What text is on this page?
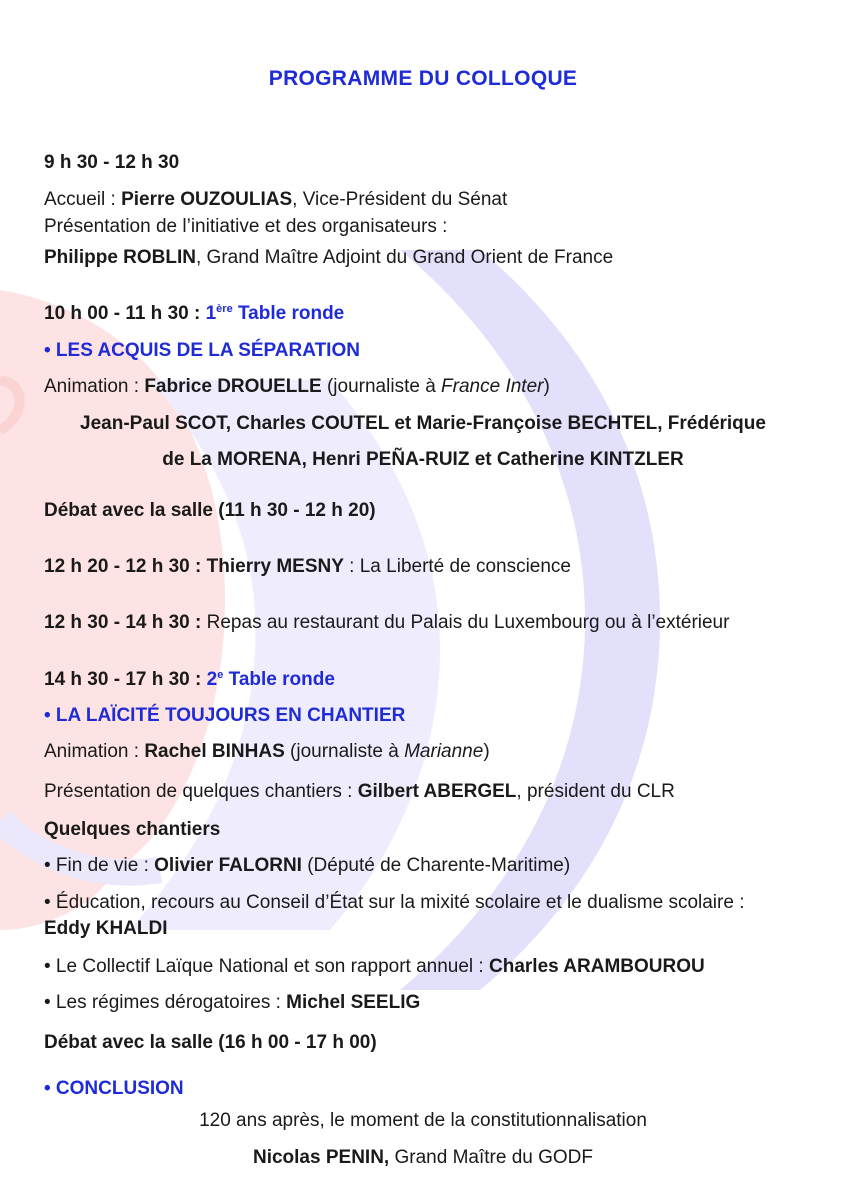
PROGRAMME DU COLLOQUE
9 h 30 - 12 h 30
Accueil : Pierre OUZOULIAS, Vice-Président du Sénat
Présentation de l’initiative et des organisateurs :
Philippe ROBLIN, Grand Maître Adjoint du Grand Orient de France
10 h 00 - 11 h 30 : 1ère Table ronde
• LES ACQUIS DE LA SÉPARATION
Animation : Fabrice DROUELLE (journaliste à France Inter)
Jean-Paul SCOT, Charles COUTEL et Marie-Françoise BECHTEL, Frédérique
de La MORENA, Henri PEÑA-RUIZ et Catherine KINTZLER
Débat avec la salle (11 h 30 - 12 h 20)
12 h 20 - 12 h 30 : Thierry MESNY : La Liberté de conscience
12 h 30 - 14 h 30 : Repas au restaurant du Palais du Luxembourg ou à l’extérieur
14 h 30 - 17 h 30 : 2e Table ronde
• LA LAÏCITÉ TOUJOURS EN CHANTIER
Animation : Rachel BINHAS (journaliste à Marianne)
Présentation de quelques chantiers : Gilbert ABERGEL, président du CLR
Quelques chantiers
• Fin de vie : Olivier FALORNI (Député de Charente-Maritime)
• Éducation, recours au Conseil d’État sur la mixité scolaire et le dualisme scolaire :
Eddy KHALDI
• Le Collectif Laïque National et son rapport annuel : Charles ARAMBOUROU
• Les régimes dérogatoires : Michel SEELIG
Débat avec la salle (16 h 00 - 17 h 00)
• CONCLUSION
120 ans après, le moment de la constitutionnalisation
Nicolas PENIN, Grand Maître du GODF
